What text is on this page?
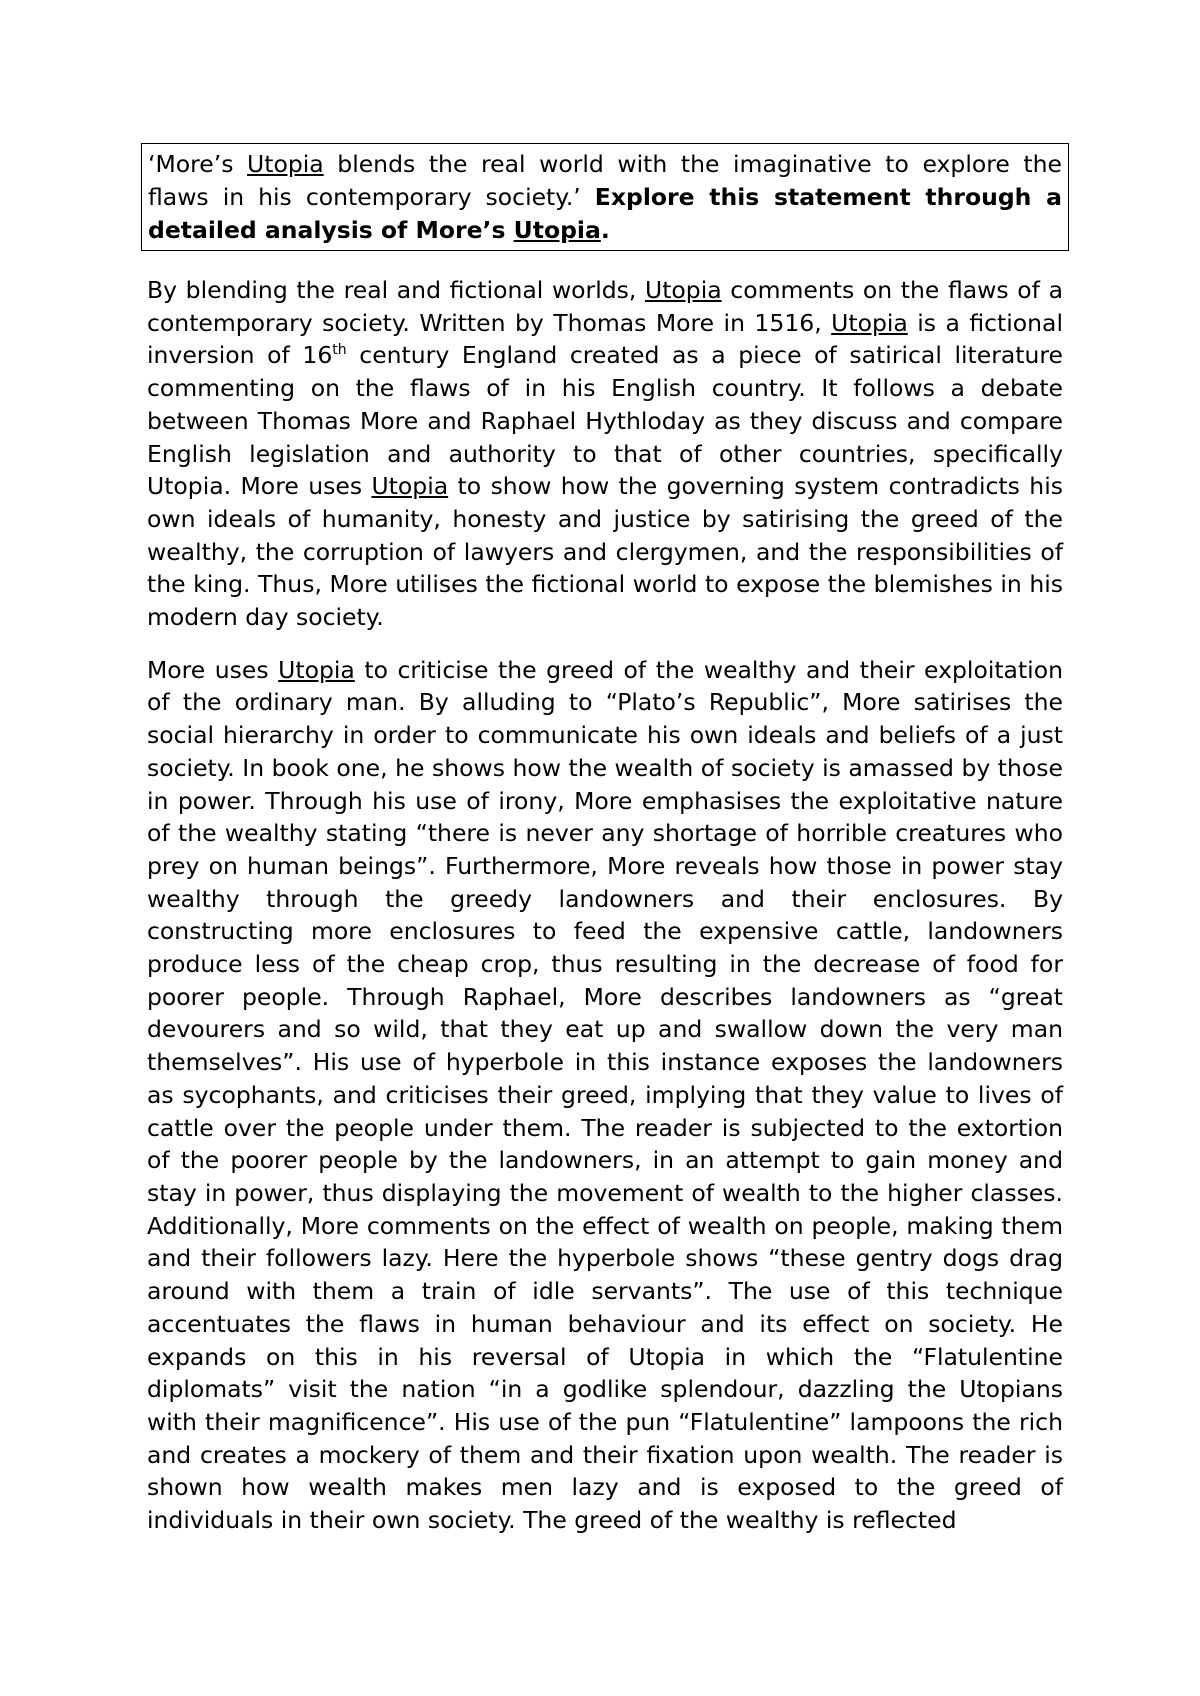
‘More’s Utopia blends the real world with the imaginative to explore the flaws in his contemporary society.’ Explore this statement through a detailed analysis of More’s Utopia.

By blending the real and fictional worlds, Utopia comments on the flaws of a contemporary society. Written by Thomas More in 1516, Utopia is a fictional inversion of 16th century England created as a piece of satirical literature commenting on the flaws of in his English country. It follows a debate between Thomas More and Raphael Hythloday as they discuss and compare English legislation and authority to that of other countries, specifically Utopia. More uses Utopia to show how the governing system contradicts his own ideals of humanity, honesty and justice by satirising the greed of the wealthy, the corruption of lawyers and clergymen, and the responsibilities of the king. Thus, More utilises the fictional world to expose the blemishes in his modern day society.

More uses Utopia to criticise the greed of the wealthy and their exploitation of the ordinary man. By alluding to “Plato’s Republic”, More satirises the social hierarchy in order to communicate his own ideals and beliefs of a just society. In book one, he shows how the wealth of society is amassed by those in power. Through his use of irony, More emphasises the exploitative nature of the wealthy stating “there is never any shortage of horrible creatures who prey on human beings”. Furthermore, More reveals how those in power stay wealthy through the greedy landowners and their enclosures. By constructing more enclosures to feed the expensive cattle, landowners produce less of the cheap crop, thus resulting in the decrease of food for poorer people. Through Raphael, More describes landowners as “great devourers and so wild, that they eat up and swallow down the very man themselves”. His use of hyperbole in this instance exposes the landowners as sycophants, and criticises their greed, implying that they value to lives of cattle over the people under them. The reader is subjected to the extortion of the poorer people by the landowners, in an attempt to gain money and stay in power, thus displaying the movement of wealth to the higher classes. Additionally, More comments on the effect of wealth on people, making them and their followers lazy. Here the hyperbole shows “these gentry dogs drag around with them a train of idle servants”. The use of this technique accentuates the flaws in human behaviour and its effect on society. He expands on this in his reversal of Utopia in which the “Flatulentine diplomats” visit the nation “in a godlike splendour, dazzling the Utopians with their magnificence”. His use of the pun “Flatulentine” lampoons the rich and creates a mockery of them and their fixation upon wealth. The reader is shown how wealth makes men lazy and is exposed to the greed of individuals in their own society. The greed of the wealthy is reflected
